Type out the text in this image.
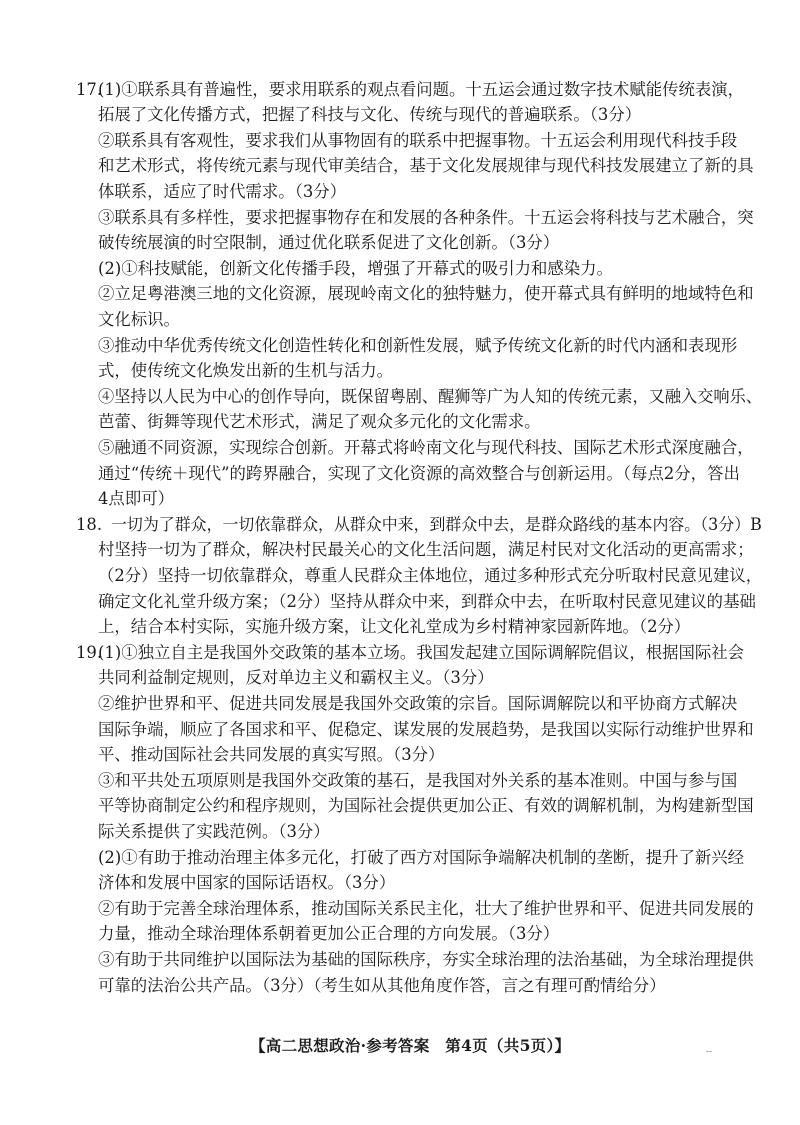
17.

(1)①联系具有普遍性，要求用联系的观点看问题。十五运会通过数字技术赋能传统表演，

拓展了文化传播方式，把握了科技与文化、传统与现代的普遍联系。（3分）

②联系具有客观性，要求我们从事物固有的联系中把握事物。十五运会利用现代科技手段

和艺术形式，将传统元素与现代审美结合，基于文化发展规律与现代科技发展建立了新的具

体联系，适应了时代需求。（3分）

③联系具有多样性，要求把握事物存在和发展的各种条件。十五运会将科技与艺术融合，突

破传统展演的时空限制，通过优化联系促进了文化创新。（3分）

(2)①科技赋能，创新文化传播手段，增强了开幕式的吸引力和感染力。

②立足粤港澳三地的文化资源，展现岭南文化的独特魅力，使开幕式具有鲜明的地域特色和

文化标识。

③推动中华优秀传统文化创造性转化和创新性发展，赋予传统文化新的时代内涵和表现形

式，使传统文化焕发出新的生机与活力。

④坚持以人民为中心的创作导向，既保留粤剧、醒狮等广为人知的传统元素，又融入交响乐、

芭蕾、街舞等现代艺术形式，满足了观众多元化的文化需求。

⑤融通不同资源，实现综合创新。开幕式将岭南文化与现代科技、国际艺术形式深度融合，

通过“传统＋现代”的跨界融合，实现了文化资源的高效整合与创新运用。（每点2分，答出

4点即可）

18. 一切为了群众，一切依靠群众，从群众中来，到群众中去，是群众路线的基本内容。（3分）B

村坚持一切为了群众，解决村民最关心的文化生活问题，满足村民对文化活动的更高需求；

（2分）坚持一切依靠群众，尊重人民群众主体地位，通过多种形式充分听取村民意见建议，

确定文化礼堂升级方案；（2分）坚持从群众中来，到群众中去，在听取村民意见建议的基础

上，结合本村实际，实施升级方案，让文化礼堂成为乡村精神家园新阵地。（2分）

19.

(1)①独立自主是我国外交政策的基本立场。我国发起建立国际调解院倡议，根据国际社会

共同利益制定规则，反对单边主义和霸权主义。（3分）

②维护世界和平、促进共同发展是我国外交政策的宗旨。国际调解院以和平协商方式解决

国际争端，顺应了各国求和平、促稳定、谋发展的发展趋势，是我国以实际行动维护世界和

平、推动国际社会共同发展的真实写照。（3分）

③和平共处五项原则是我国外交政策的基石，是我国对外关系的基本准则。中国与参与国

平等协商制定公约和程序规则，为国际社会提供更加公正、有效的调解机制，为构建新型国

际关系提供了实践范例。（3分）

(2)①有助于推动治理主体多元化，打破了西方对国际争端解决机制的垄断，提升了新兴经

济体和发展中国家的国际话语权。（3分）

②有助于完善全球治理体系，推动国际关系民主化，壮大了维护世界和平、促进共同发展的

力量，推动全球治理体系朝着更加公正合理的方向发展。（3分）

③有助于共同维护以国际法为基础的国际秩序，夯实全球治理的法治基础，为全球治理提供

可靠的法治公共产品。（3分）（考生如从其他角度作答，言之有理可酌情给分）

【高二思想政治·参考答案　第4页（共5页）】	--
